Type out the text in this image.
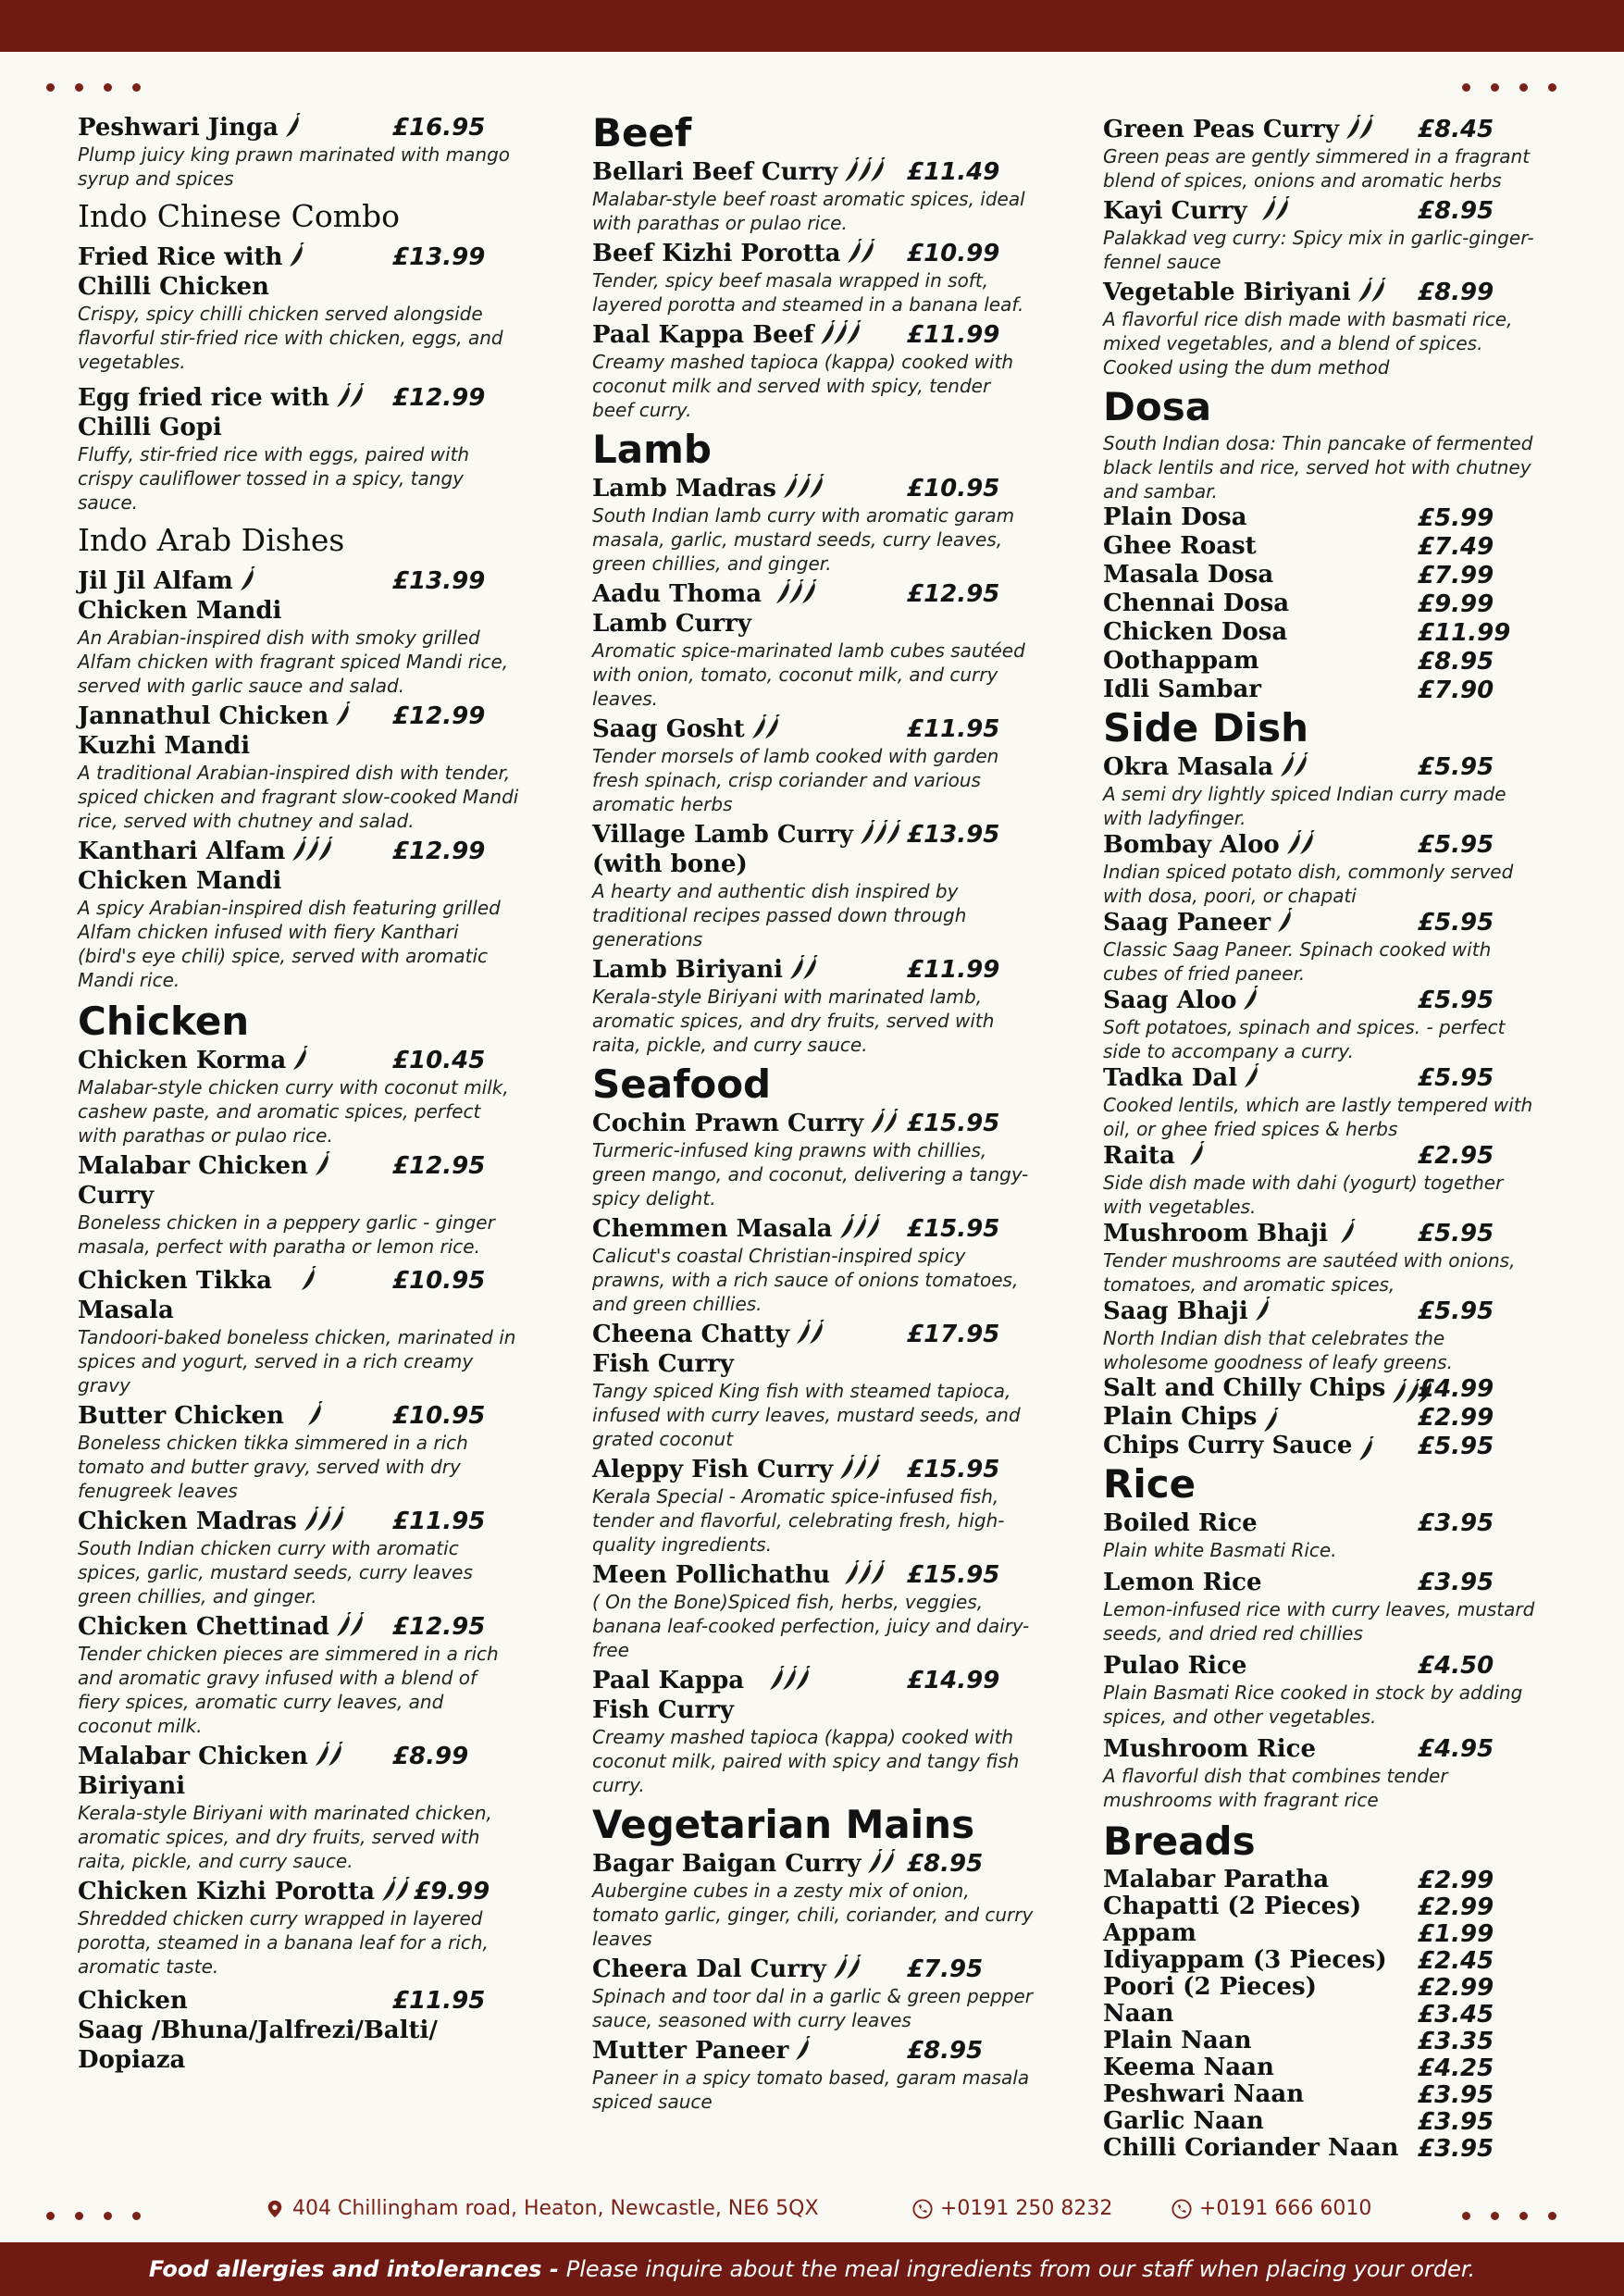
Peshwari Jinga	£16.95
Plump juicy king prawn marinated with mango syrup and spices
Indo Chinese Combo
Fried Rice with	£13.99
Chilli Chicken
Crispy, spicy chilli chicken served alongside flavorful stir-fried rice with chicken, eggs, and vegetables.
Egg fried rice with	£12.99
Chilli Gopi
Fluffy, stir-fried rice with eggs, paired with crispy cauliflower tossed in a spicy, tangy sauce.
Indo Arab Dishes
Jil Jil Alfam	£13.99
Chicken Mandi
An Arabian-inspired dish with smoky grilled Alfam chicken with fragrant spiced Mandi rice, served with garlic sauce and salad.
Jannathul Chicken	£12.99
Kuzhi Mandi
A traditional Arabian-inspired dish with tender, spiced chicken and fragrant slow-cooked Mandi rice, served with chutney and salad.
Kanthari Alfam	£12.99
Chicken Mandi
A spicy Arabian-inspired dish featuring grilled Alfam chicken infused with fiery Kanthari (bird's eye chili) spice, served with aromatic Mandi rice.
Chicken
Chicken Korma	£10.45
Malabar-style chicken curry with coconut milk, cashew paste, and aromatic spices, perfect with parathas or pulao rice.
Malabar Chicken	£12.95
Curry
Boneless chicken in a peppery garlic - ginger masala, perfect with paratha or lemon rice.
Chicken Tikka	£10.95
Masala
Tandoori-baked boneless chicken, marinated in spices and yogurt, served in a rich creamy gravy
Butter Chicken	£10.95
Boneless chicken tikka simmered in a rich tomato and butter gravy, served with dry fenugreek leaves
Chicken Madras	£11.95
South Indian chicken curry with aromatic spices, garlic, mustard seeds, curry leaves green chillies, and ginger.
Chicken Chettinad	£12.95
Tender chicken pieces are simmered in a rich and aromatic gravy infused with a blend of fiery spices, aromatic curry leaves, and coconut milk.
Malabar Chicken	£8.99
Biriyani
Kerala-style Biriyani with marinated chicken, aromatic spices, and dry fruits, served with raita, pickle, and curry sauce.
Chicken Kizhi Porotta £9.99
Shredded chicken curry wrapped in layered porotta, steamed in a banana leaf for a rich, aromatic taste.
Chicken	£11.95
Saag /Bhuna/Jalfrezi/Balti/
Dopiaza
Beef
Bellari Beef Curry	£11.49
Malabar-style beef roast aromatic spices, ideal with parathas or pulao rice.
Beef Kizhi Porotta	£10.99
Tender, spicy beef masala wrapped in soft, layered porotta and steamed in a banana leaf.
Paal Kappa Beef	£11.99
Creamy mashed tapioca (kappa) cooked with coconut milk and served with spicy, tender beef curry.
Lamb
Lamb Madras	£10.95
South Indian lamb curry with aromatic garam masala, garlic, mustard seeds, curry leaves, green chillies, and ginger.
Aadu Thoma	£12.95
Lamb Curry
Aromatic spice-marinated lamb cubes sautéed with onion, tomato, coconut milk, and curry leaves.
Saag Gosht	£11.95
Tender morsels of lamb cooked with garden fresh spinach, crisp coriander and various aromatic herbs
Village Lamb Curry £13.95
(with bone)
A hearty and authentic dish inspired by traditional recipes passed down through generations
Lamb Biriyani	£11.99
Kerala-style Biriyani with marinated lamb, aromatic spices, and dry fruits, served with raita, pickle, and curry sauce.
Seafood
Cochin Prawn Curry £15.95
Turmeric-infused king prawns with chillies, green mango, and coconut, delivering a tangy- spicy delight.
Chemmen Masala	£15.95
Calicut's coastal Christian-inspired spicy prawns, with a rich sauce of onions tomatoes, and green chillies.
Cheena Chatty	£17.95
Fish Curry
Tangy spiced King fish with steamed tapioca, infused with curry leaves, mustard seeds, and grated coconut
Aleppy Fish Curry	£15.95
Kerala Special - Aromatic spice-infused fish, tender and flavorful, celebrating fresh, high- quality ingredients.
Meen Pollichathu	£15.95
( On the Bone)Spiced fish, herbs, veggies, banana leaf-cooked perfection, juicy and dairy-free
Paal Kappa	£14.99
Fish Curry
Creamy mashed tapioca (kappa) cooked with coconut milk, paired with spicy and tangy fish curry.
Vegetarian Mains
Bagar Baigan Curry £8.95
Aubergine cubes in a zesty mix of onion, tomato garlic, ginger, chili, coriander, and curry leaves
Cheera Dal Curry	£7.95
Spinach and toor dal in a garlic & green pepper sauce, seasoned with curry leaves
Mutter Paneer	£8.95
Paneer in a spicy tomato based, garam masala spiced sauce
Green Peas Curry	£8.45
Green peas are gently simmered in a fragrant blend of spices, onions and aromatic herbs
Kayi Curry	£8.95
Palakkad veg curry: Spicy mix in garlic-ginger-fennel sauce
Vegetable Biriyani	£8.99
A flavorful rice dish made with basmati rice, mixed vegetables, and a blend of spices. Cooked using the dum method
Dosa
South Indian dosa: Thin pancake of fermented black lentils and rice, served hot with chutney and sambar.
Plain Dosa	£5.99
Ghee Roast	£7.49
Masala Dosa	£7.99
Chennai Dosa	£9.99
Chicken Dosa	£11.99
Oothappam	£8.95
Idli Sambar	£7.90
Side Dish
Okra Masala	£5.95
A semi dry lightly spiced Indian curry made with ladyfinger.
Bombay Aloo	£5.95
Indian spiced potato dish, commonly served with dosa, poori, or chapati
Saag Paneer	£5.95
Classic Saag Paneer. Spinach cooked with cubes of fried paneer.
Saag Aloo	£5.95
Soft potatoes, spinach and spices. - perfect side to accompany a curry.
Tadka Dal	£5.95
Cooked lentils, which are lastly tempered with oil, or ghee fried spices & herbs
Raita	£2.95
Side dish made with dahi (yogurt) together with vegetables.
Mushroom Bhaji	£5.95
Tender mushrooms are sautéed with onions, tomatoes, and aromatic spices,
Saag Bhaji	£5.95
North Indian dish that celebrates the wholesome goodness of leafy greens.
Salt and Chilly Chips £4.99
Plain Chips	£2.99
Chips Curry Sauce	£5.95
Rice
Boiled Rice	£3.95
Plain white Basmati Rice.
Lemon Rice	£3.95
Lemon-infused rice with curry leaves, mustard seeds, and dried red chillies
Pulao Rice	£4.50
Plain Basmati Rice cooked in stock by adding spices, and other vegetables.
Mushroom Rice	£4.95
A flavorful dish that combines tender mushrooms with fragrant rice
Breads
Malabar Paratha	£2.99
Chapatti (2 Pieces) £2.99
Appam	£1.99
Idiyappam (3 Pieces) £2.45
Poori (2 Pieces)	£2.99
Naan	£3.45
Plain Naan	£3.35
Keema Naan	£4.25
Peshwari Naan	£3.95
Garlic Naan	£3.95
Chilli Coriander Naan £3.95
404 Chillingham road, Heaton, Newcastle, NE6 5QX	+0191 250 8232	+0191 666 6010
Food allergies and intolerances - Please inquire about the meal ingredients from our staff when placing your order.
